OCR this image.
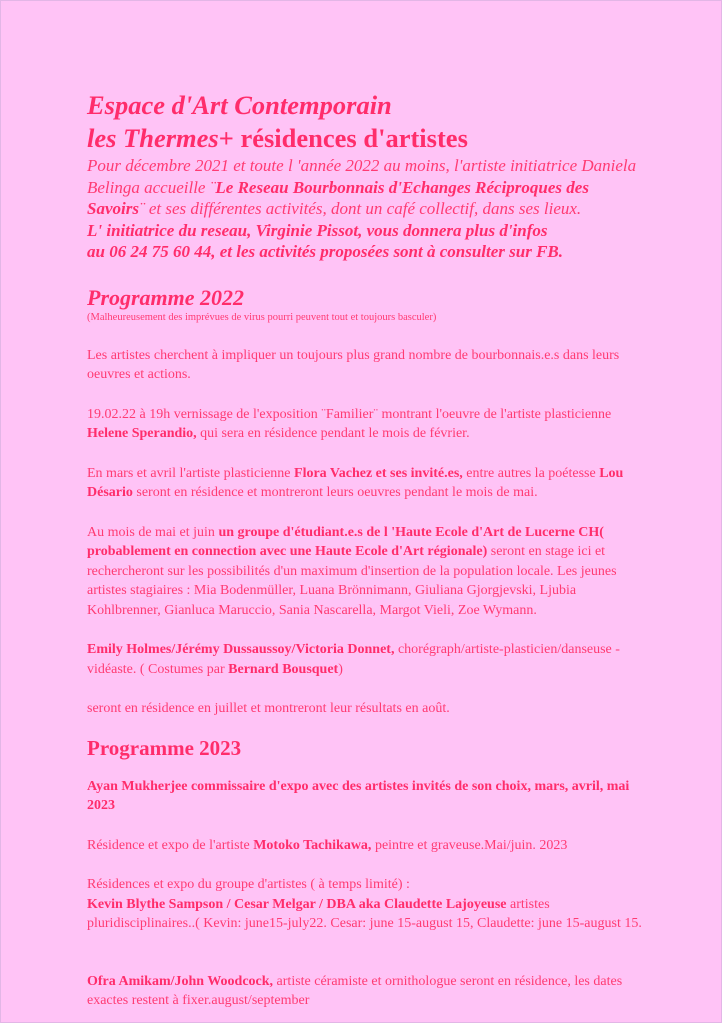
Espace d'Art Contemporain
les Thermes+ résidences d'artistes

Pour décembre 2021 et toute l 'année 2022 au moins, l'artiste initiatrice Daniela Belinga accueille ¨Le Reseau Bourbonnais d'Echanges Réciproques des Savoirs¨ et ses différentes activités, dont un café collectif, dans ses lieux.
L' initiatrice du reseau, Virginie Pissot, vous donnera plus d'infos
au 06 24 75 60 44, et les activités proposées sont à consulter sur FB.

Programme 2022

(Malheureusement des imprévues de virus pourri peuvent tout et toujours basculer)

Les artistes cherchent à impliquer un toujours plus grand nombre de bourbonnais.e.s dans leurs oeuvres et actions.

19.02.22 à 19h vernissage de l'exposition ¨Familier¨ montrant l'oeuvre de l'artiste plasticienne Helene Sperandio, qui sera en résidence pendant le mois de février.

En mars et avril l'artiste plasticienne Flora Vachez et ses invité.es, entre autres la poétesse Lou Désario seront en résidence et montreront leurs oeuvres pendant le mois de mai.

Au mois de mai et juin un groupe d'étudiant.e.s de l 'Haute Ecole d'Art de Lucerne CH( probablement en connection avec une Haute Ecole d'Art régionale) seront en stage ici et rechercheront sur les possibilités d'un maximum d'insertion de la population locale. Les jeunes artistes stagiaires : Mia Bodenmüller, Luana Brönnimann, Giuliana Gjorgjevski, Ljubia Kohlbrenner, Gianluca Maruccio, Sania Nascarella, Margot Vieli, Zoe Wymann.

Emily Holmes/Jérémy Dussaussoy/Victoria Donnet, chorégraph/artiste-plasticien/danseuse -vidéaste. ( Costumes par Bernard Bousquet)

seront en résidence en juillet et montreront leur résultats en août.

Programme 2023

Ayan Mukherjee commissaire d'expo avec des artistes invités de son choix, mars, avril, mai 2023

Résidence et expo de l'artiste Motoko Tachikawa, peintre et graveuse.Mai/juin. 2023

Résidences et expo du groupe d'artistes ( à temps limité) :
Kevin Blythe Sampson / Cesar Melgar / DBA aka Claudette Lajoyeuse artistes pluridisciplinaires..( Kevin: june15-july22. Cesar: june 15-august 15, Claudette: june 15-august 15.

Ofra Amikam/John Woodcock, artiste céramiste et ornithologue seront en résidence, les dates exactes restent à fixer.august/september
